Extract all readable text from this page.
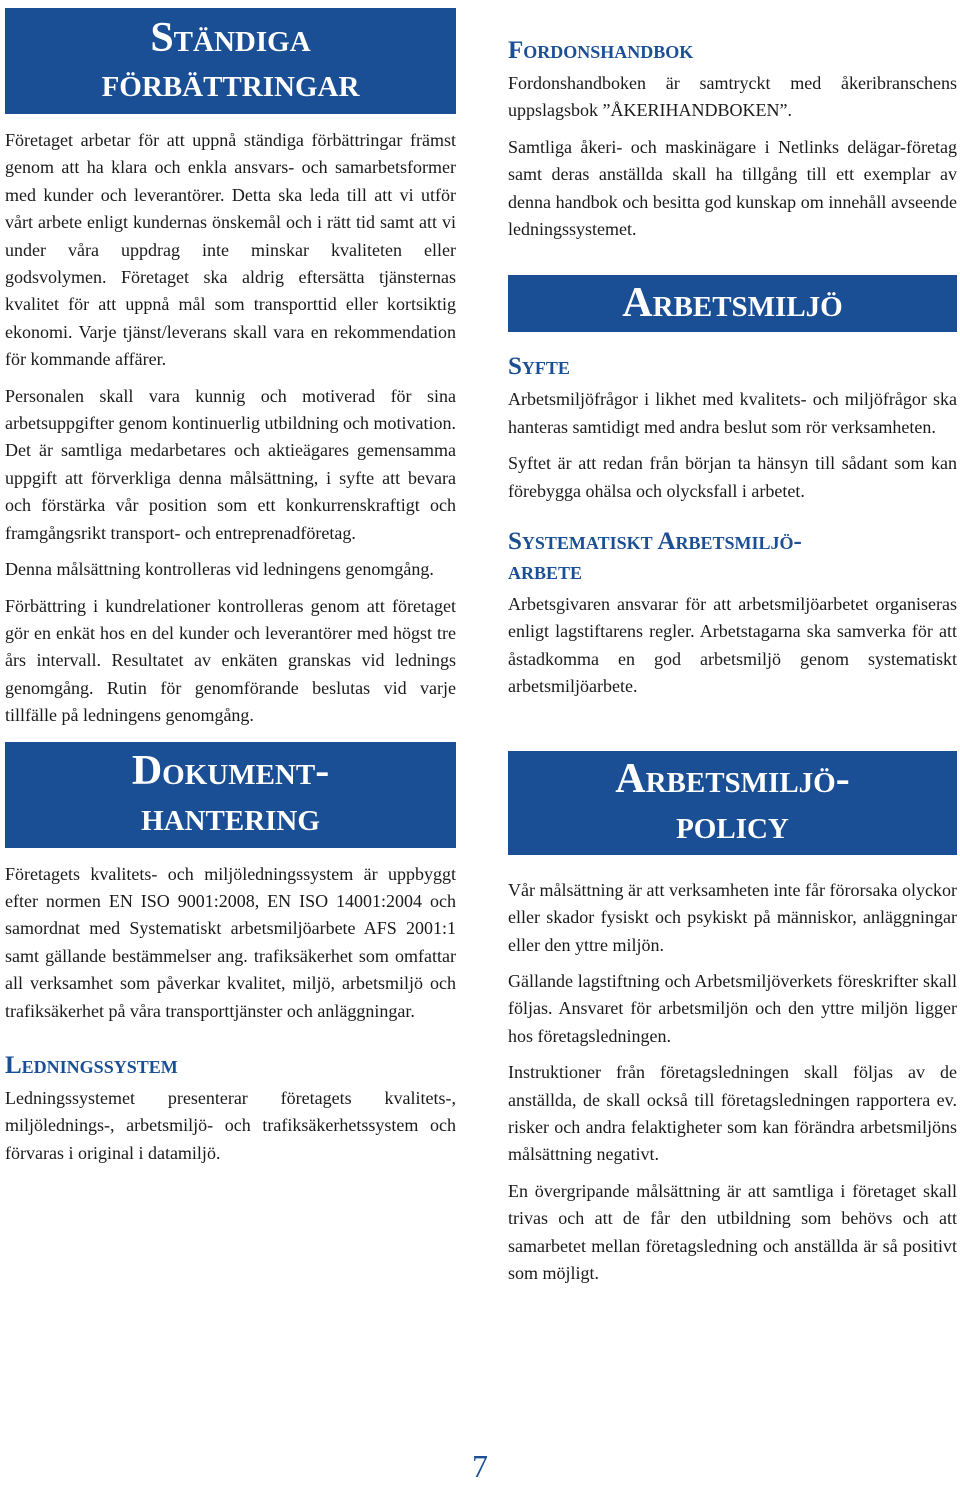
Ständiga
förbättringar

Företaget arbetar för att uppnå ständiga förbättringar främst genom att ha klara och enkla ansvars- och samarbetsformer med kunder och leverantörer. Detta ska leda till att vi utför vårt arbete enligt kundernas önskemål och i rätt tid samt att vi under våra uppdrag inte minskar kvaliteten eller godsvolymen. Företaget ska aldrig eftersätta tjänsternas kvalitet för att uppnå mål som transporttid eller kortsiktig ekonomi. Varje tjänst/leverans skall vara en rekommendation för kommande affärer.

Personalen skall vara kunnig och motiverad för sina arbetsuppgifter genom kontinuerlig utbildning och motivation. Det är samtliga medarbetares och aktieägares gemensamma uppgift att förverkliga denna målsättning, i syfte att bevara och förstärka vår position som ett konkurrenskraftigt och framgångsrikt transport- och entreprenadföretag.

Denna målsättning kontrolleras vid ledningens genomgång.

Förbättring i kundrelationer kontrolleras genom att företaget gör en enkät hos en del kunder och leverantörer med högst tre års intervall. Resultatet av enkäten granskas vid lednings genomgång. Rutin för genomförande beslutas vid varje tillfälle på ledningens genomgång.

Dokument-
hantering

Företagets kvalitets- och miljöledningssystem är uppbyggt efter normen EN ISO 9001:2008, EN ISO 14001:2004 och samordnat med Systematiskt arbetsmiljöarbete AFS 2001:1 samt gällande bestämmelser ang. trafiksäkerhet som omfattar all verksamhet som påverkar kvalitet, miljö, arbetsmiljö och trafiksäkerhet på våra transporttjänster och anläggningar.

Ledningssystem

Ledningssystemet presenterar företagets kvalitets-, miljölednings-, arbetsmiljö- och trafiksäkerhetssystem och förvaras i original i datamiljö.

Fordonshandbok

Fordonshandboken är samtryckt med åkeribranschens uppslagsbok ”ÅKERIHANDBOKEN”.

Samtliga åkeri- och maskinägare i Netlinks delägar-företag samt deras anställda skall ha tillgång till ett exemplar av denna handbok och besitta god kunskap om innehåll avseende ledningssystemet.

Arbetsmiljö
Syfte

Arbetsmiljöfrågor i likhet med kvalitets- och miljöfrågor ska hanteras samtidigt med andra beslut som rör verksamheten.

Syftet är att redan från början ta hänsyn till sådant som kan förebygga ohälsa och olycksfall i arbetet.

Systematiskt Arbetsmiljö-
arbete

Arbetsgivaren ansvarar för att arbetsmiljöarbetet organiseras enligt lagstiftarens regler. Arbetstagarna ska samverka för att åstadkomma en god arbetsmiljö genom systematiskt arbetsmiljöarbete.

Arbetsmiljö-
policy

Vår målsättning är att verksamheten inte får förorsaka olyckor eller skador fysiskt och psykiskt på människor, anläggningar eller den yttre miljön.

Gällande lagstiftning och Arbetsmiljöverkets föreskrifter skall följas. Ansvaret för arbetsmiljön och den yttre miljön ligger hos företagsledningen.

Instruktioner från företagsledningen skall följas av de anställda, de skall också till företagsledningen rapportera ev. risker och andra felaktigheter som kan förändra arbetsmiljöns målsättning negativt.

En övergripande målsättning är att samtliga i företaget skall trivas och att de får den utbildning som behövs och att samarbetet mellan företagsledning och anställda är så positivt som möjligt.

7
